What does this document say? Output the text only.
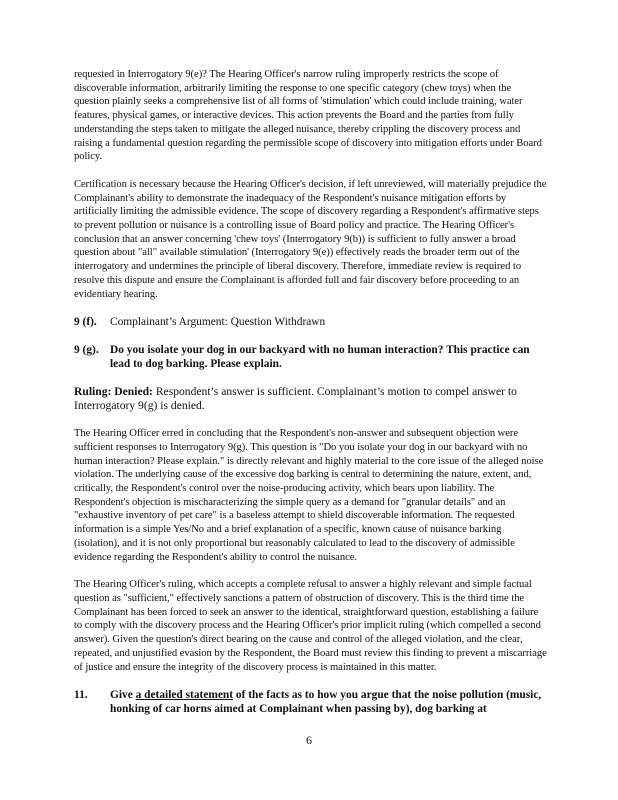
requested in Interrogatory 9(e)? The Hearing Officer's narrow ruling improperly restricts the scope of discoverable information, arbitrarily limiting the response to one specific category (chew toys) when the question plainly seeks a comprehensive list of all forms of 'stimulation' which could include training, water features, physical games, or interactive devices. This action prevents the Board and the parties from fully understanding the steps taken to mitigate the alleged nuisance, thereby crippling the discovery process and raising a fundamental question regarding the permissible scope of discovery into mitigation efforts under Board policy.

Certification is necessary because the Hearing Officer's decision, if left unreviewed, will materially prejudice the Complainant's ability to demonstrate the inadequacy of the Respondent's nuisance mitigation efforts by artificially limiting the admissible evidence. The scope of discovery regarding a Respondent's affirmative steps to prevent pollution or nuisance is a controlling issue of Board policy and practice. The Hearing Officer's conclusion that an answer concerning 'chew toys' (Interrogatory 9(b)) is sufficient to fully answer a broad question about "all" available stimulation' (Interrogatory 9(e)) effectively reads the broader term out of the interrogatory and undermines the principle of liberal discovery. Therefore, immediate review is required to resolve this dispute and ensure the Complainant is afforded full and fair discovery before proceeding to an evidentiary hearing.

9 (f).	Complainant’s Argument: Question Withdrawn
9 (g). Do you isolate your dog in our backyard with no human interaction? This practice can lead to dog barking. Please explain.
Ruling: Denied: Respondent’s answer is sufficient. Complainant’s motion to compel answer to Interrogatory 9(g) is denied.

The Hearing Officer erred in concluding that the Respondent's non-answer and subsequent objection were sufficient responses to Interrogatory 9(g). This question is "Do you isolate your dog in our backyard with no human interaction? Please explain." is directly relevant and highly material to the core issue of the alleged noise violation. The underlying cause of the excessive dog barking is central to determining the nature, extent, and, critically, the Respondent's control over the noise-producing activity, which bears upon liability. The Respondent's objection is mischaracterizing the simple query as a demand for "granular details" and an "exhaustive inventory of pet care" is a baseless attempt to shield discoverable information. The requested information is a simple Yes/No and a brief explanation of a specific, known cause of nuisance barking (isolation), and it is not only proportional but reasonably calculated to lead to the discovery of admissible evidence regarding the Respondent's ability to control the nuisance.

The Hearing Officer's ruling, which accepts a complete refusal to answer a highly relevant and simple factual question as "sufficient," effectively sanctions a pattern of obstruction of discovery. This is the third time the Complainant has been forced to seek an answer to the identical, straightforward question, establishing a failure to comply with the discovery process and the Hearing Officer's prior implicit ruling (which compelled a second answer). Given the question's direct bearing on the cause and control of the alleged violation, and the clear, repeated, and unjustified evasion by the Respondent, the Board must review this finding to prevent a miscarriage of justice and ensure the integrity of the discovery process is maintained in this matter.

11.	Give a detailed statement of the facts as to how you argue that the noise pollution (music, honking of car horns aimed at Complainant when passing by), dog barking at
6
